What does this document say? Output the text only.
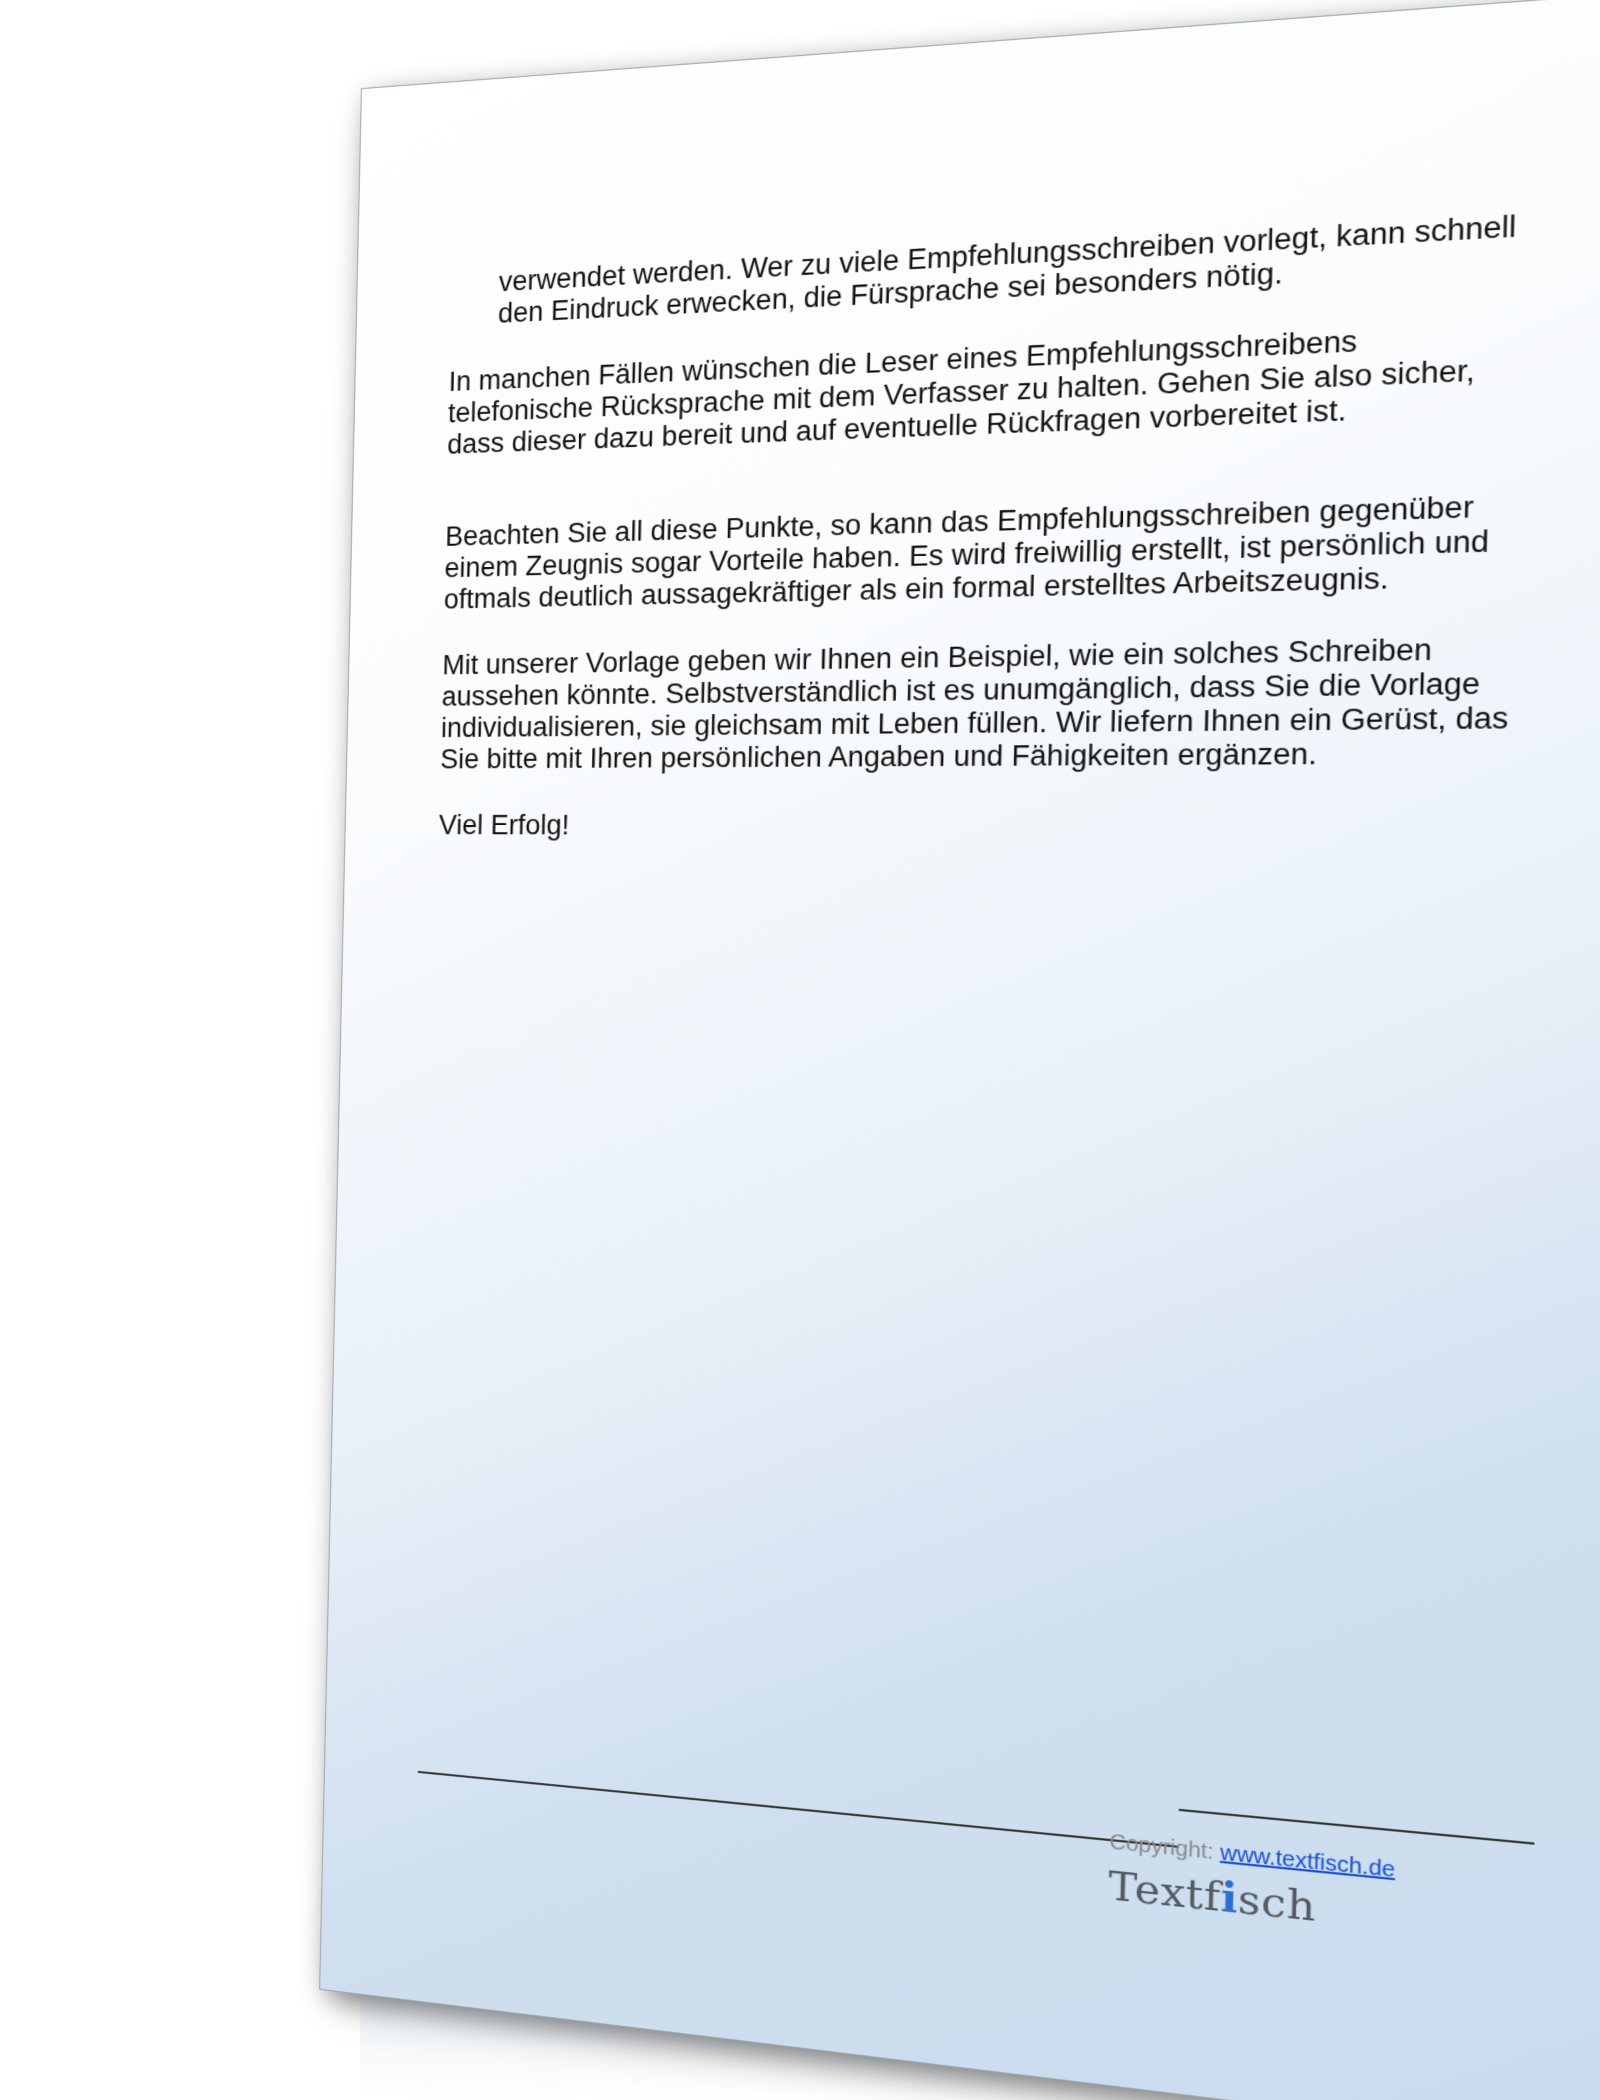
verwendet werden. Wer zu viele Empfehlungsschreiben vorlegt, kann schnell den Eindruck erwecken, die Fürsprache sei besonders nötig.

In manchen Fällen wünschen die Leser eines Empfehlungsschreibens telefonische Rücksprache mit dem Verfasser zu halten. Gehen Sie also sicher, dass dieser dazu bereit und auf eventuelle Rückfragen vorbereitet ist.

Beachten Sie all diese Punkte, so kann das Empfehlungsschreiben gegenüber einem Zeugnis sogar Vorteile haben. Es wird freiwillig erstellt, ist persönlich und oftmals deutlich aussagekräftiger als ein formal erstelltes Arbeitszeugnis.

Mit unserer Vorlage geben wir Ihnen ein Beispiel, wie ein solches Schreiben aussehen könnte. Selbstverständlich ist es unumgänglich, dass Sie die Vorlage individualisieren, sie gleichsam mit Leben füllen. Wir liefern Ihnen ein Gerüst, das Sie bitte mit Ihren persönlichen Angaben und Fähigkeiten ergänzen.

Viel Erfolg!

Copyright: www.textfisch.de
Textfisch
